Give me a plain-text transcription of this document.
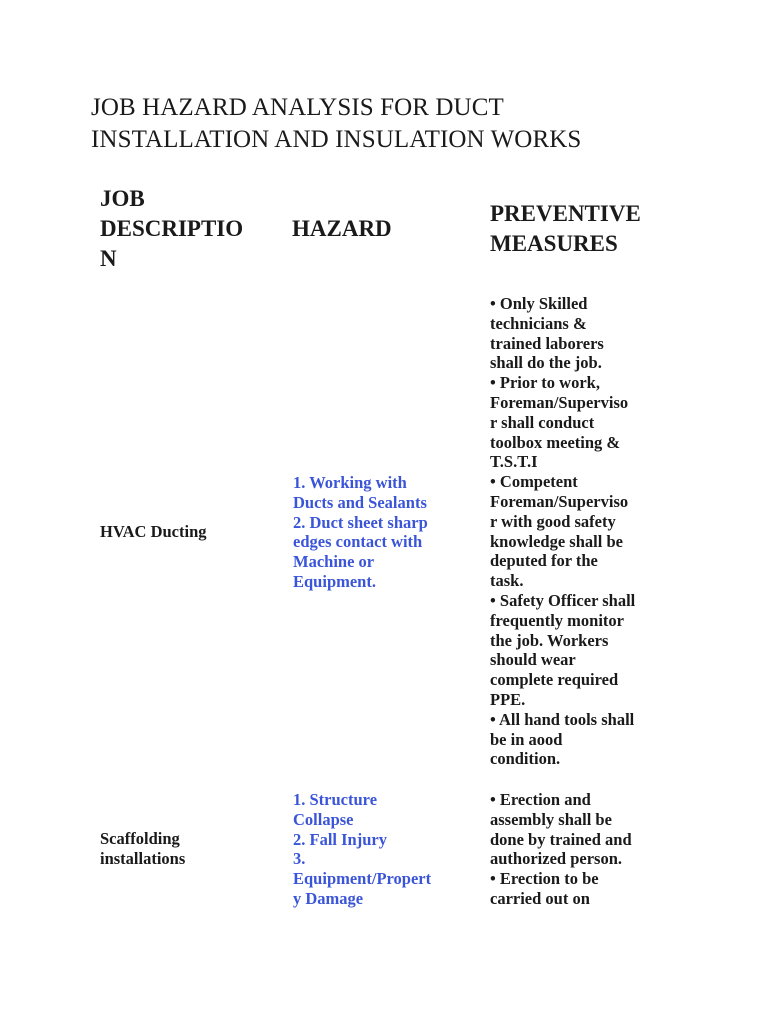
JOB HAZARD ANALYSIS FOR DUCT
INSTALLATION AND INSULATION WORKS
JOB
DESCRIPTIO
N
HAZARD
PREVENTIVE
MEASURES
HVAC Ducting
1. Working with
Ducts and Sealants
2. Duct sheet sharp
edges contact with
Machine or
Equipment.
• Only Skilled
technicians &
trained laborers
shall do the job.
• Prior to work,
Foreman/Superviso
r shall conduct
toolbox meeting &
T.S.T.I
• Competent
Foreman/Superviso
r with good safety
knowledge shall be
deputed for the
task.
• Safety Officer shall
frequently monitor
the job. Workers
should wear
complete required
PPE.
• All hand tools shall
be in aood
condition.
Scaffolding
installations
1. Structure
Collapse
2. Fall Injury
3.
Equipment/Propert
y Damage
• Erection and
assembly shall be
done by trained and
authorized person.
• Erection to be
carried out on
